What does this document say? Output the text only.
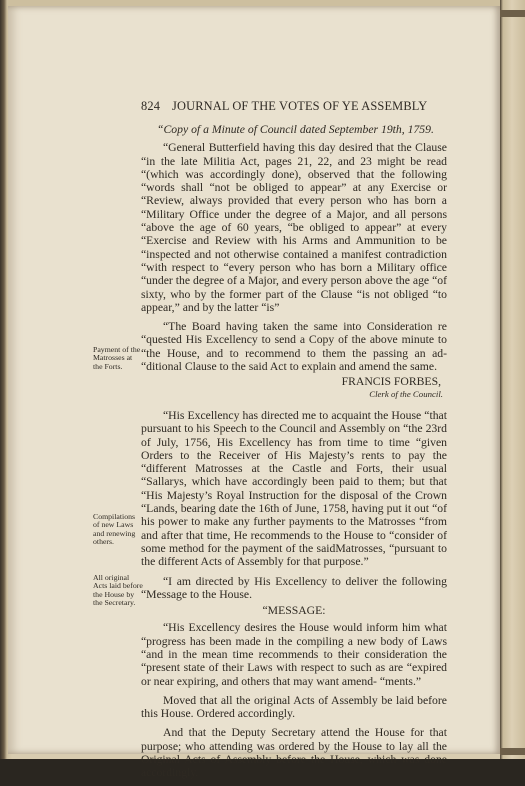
824 JOURNAL OF THE VOTES OF YE ASSEMBLY

“Copy of a Minute of Council dated September 19th, 1759.

“General Butterfield having this day desired that the Clause “in the late Militia Act, pages 21, 22, and 23 might be read “(which was accordingly done), observed that the following “words shall “not be obliged to appear” at any Exercise or “Review, always provided that every person who has born a “Military Office under the degree of a Major, and all persons “above the age of 60 years, “be obliged to appear” at every “Exercise and Review with his Arms and Ammunition to be “inspected and not otherwise contained a manifest contradiction “with respect to “every person who has born a Military office “under the degree of a Major, and every person above the age “of sixty, who by the former part of the Clause “is not obliged “to appear,” and by the latter “is”

“The Board having taken the same into Consideration re “quested His Excellency to send a Copy of the above minute to “the House, and to recommend to them the passing an ad- “ditional Clause to the said Act to explain and amend the same.

FRANCIS FORBES,

Clerk of the Council.

“His Excellency has directed me to acquaint the House “that pursuant to his Speech to the Council and Assembly on “the 23rd of July, 1756, His Excellency has from time to time “given Orders to the Receiver of His Majesty’s rents to pay the “different Matrosses at the Castle and Forts, their usual “Sallarys, which have accordingly been paid to them; but that “His Majesty’s Royal Instruction for the disposal of the Crown “Lands, bearing date the 16th of June, 1758, having put it out “of his power to make any further payments to the Matrosses “from and after that time, He recommends to the House to “consider of some method for the payment of the saidMatrosses, “pursuant to the different Acts of Assembly for that purpose.”

“I am directed by His Excellency to deliver the following “Message to the House.

“MESSAGE:

“His Excellency desires the House would inform him what “progress has been made in the compiling a new body of Laws “and in the mean time recommends to their consideration the “present state of their Laws with respect to such as are “expired or near expiring, and others that may want amend- “ments.”

Moved that all the original Acts of Assembly be laid before this House. Ordered accordingly.

And that the Deputy Secretary attend the House for that purpose; who attending was ordered by the House to lay all the Original Acts of Assembly before the House, which was done accordingly.

Payment of the Matrosses at the Forts.
Compilations of new Laws and renewing others.
All original Acts laid before the House by the Secretary.
